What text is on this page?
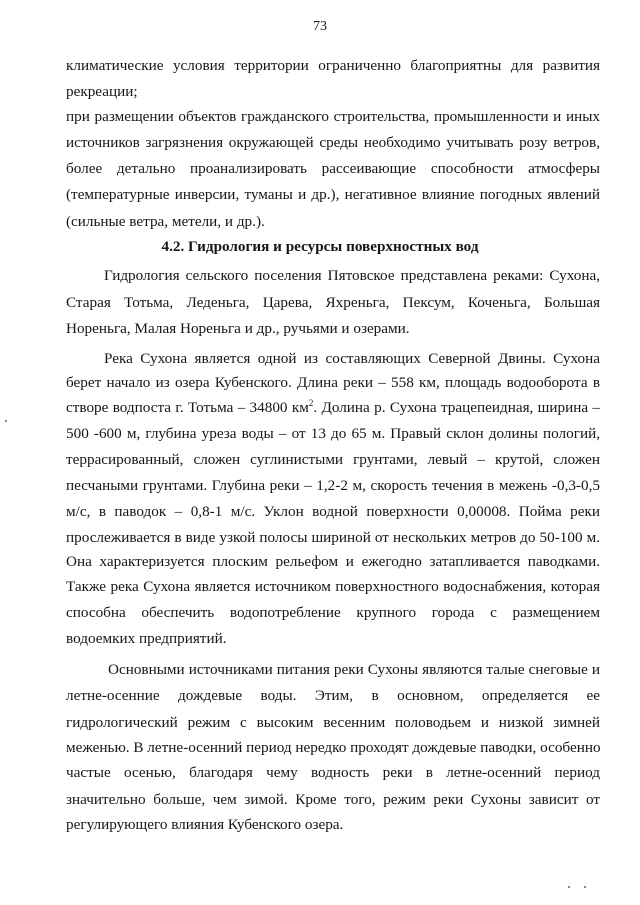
73
климатические условия территории ограниченно благоприятны для развития
рекреации;
при размещении объектов гражданского строительства, промышленности и иных
источников загрязнения окружающей среды необходимо учитывать розу ветров,
более детально проанализировать рассеивающие способности атмосферы
(температурные инверсии, туманы и др.), негативное влияние погодных явлений
(сильные ветра, метели, и др.).
4.2. Гидрология и ресурсы поверхностных вод
Гидрология сельского поселения Пятовское представлена реками: Сухона,
Старая Тотьма, Леденьга, Царева, Яхреньга, Пексум, Коченьга, Большая
Нореньга, Малая Нореньга и др., ручьями и озерами.
Река Сухона является одной из составляющих Северной Двины. Сухона
берет начало из озера Кубенского. Длина реки – 558 км, площадь водооборота в
створе водпоста г. Тотьма – 34800 $км^2$. Долина р. Сухона трацепеидная, ширина –
500 -600 м, глубина уреза воды – от 13 до 65 м. Правый склон долины пологий,
террасированный, сложен суглинистыми грунтами, левый – крутой, сложен
песчаными грунтами. Глубина реки – 1,2-2 м, скорость течения в межень -0,3-0,5
м/с, в паводок – 0,8-1 м/с. Уклон водной поверхности 0,00008. Пойма реки
прослеживается в виде узкой полосы шириной от нескольких метров до 50-100 м.
Она характеризуется плоским рельефом и ежегодно затапливается паводками.
Также река Сухона является источником поверхностного водоснабжения, которая
способна обеспечить водопотребление крупного города с размещением
водоемких предприятий.
Основными источниками питания реки Сухоны являются талые снеговые и
летне-осенние дождевые воды. Этим, в основном, определяется ее
гидрологический режим с высоким весенним половодьем и низкой зимней
меженью. В летне-осенний период нередко проходят дождевые паводки, особенно
частые осенью, благодаря чему водность реки в летне-осенний период
значительно больше, чем зимой. Кроме того, режим реки Сухоны зависит от
регулирующего влияния Кубенского озера.
